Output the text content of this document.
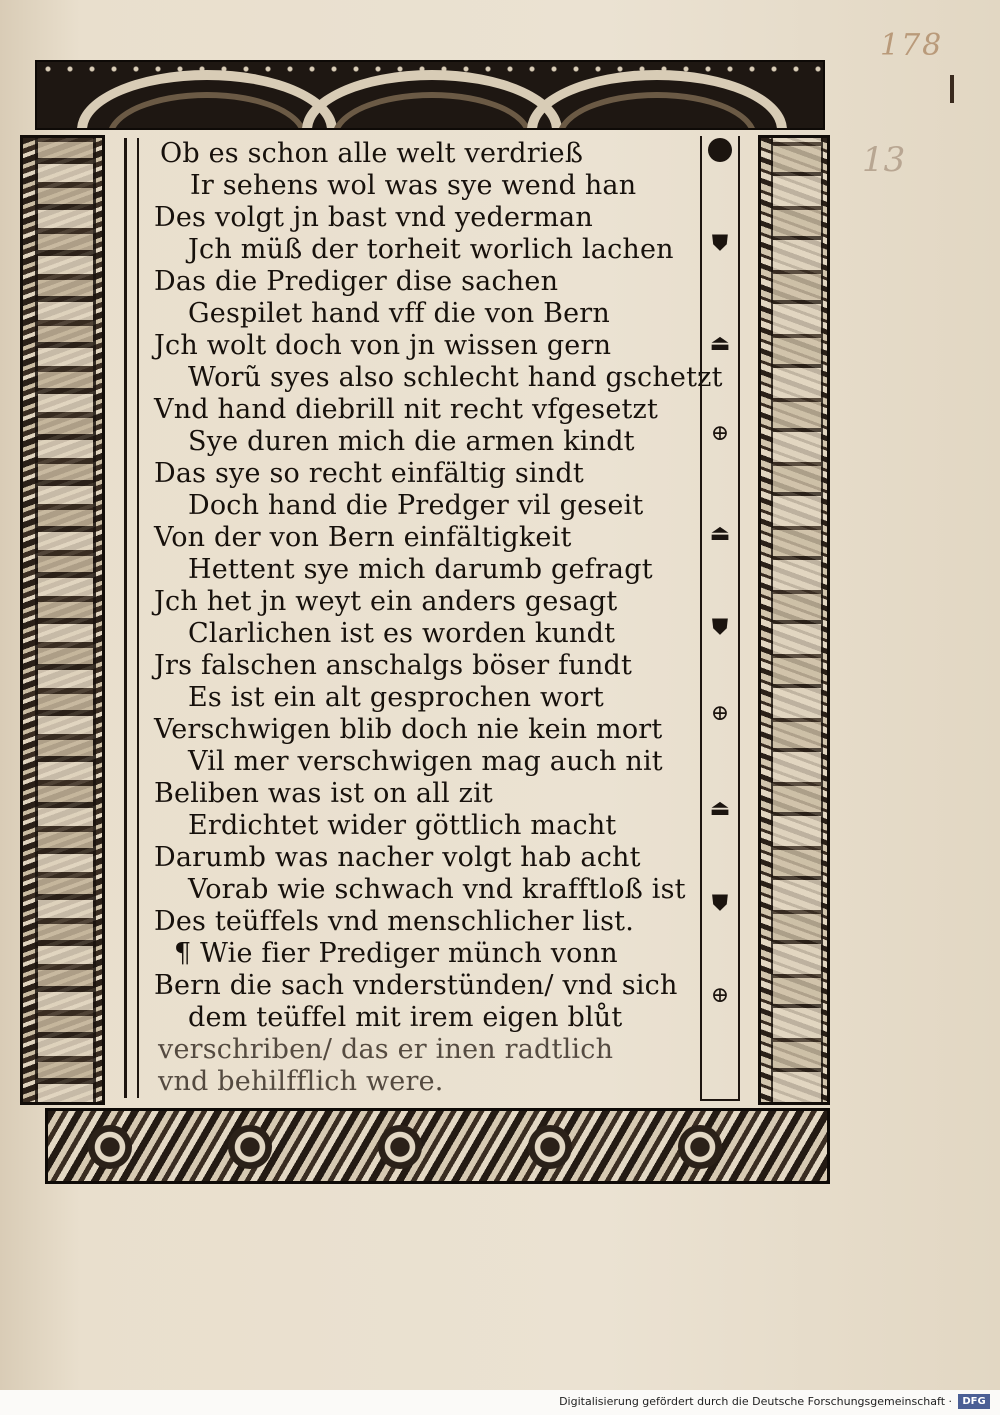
178
13
⛊
⏏
⊕
⏏
⛊
⊕
⏏
⛊
⊕
Ob es schon alle welt verdrieß
Ir sehens wol was sye wend han
Des volgt jn bast vnd yederman
Jch müß der torheit worlich lachen
Das die Prediger dise sachen
Gespilet hand vff die von Bern
Jch wolt doch von jn wissen gern
Worũ syes also schlecht hand gschetzt
Vnd hand diebrill nit recht vfgesetzt
Sye duren mich die armen kindt
Das sye so recht einfältig sindt
Doch hand die Predger vil geseit
Von der von Bern einfältigkeit
Hettent sye mich darumb gefragt
Jch het jn weyt ein anders gesagt
Clarlichen ist es worden kundt
Jrs falschen anschalgs böser fundt
Es ist ein alt gesprochen wort
Verschwigen blib doch nie kein mort
Vil mer verschwigen mag auch nit
Beliben was ist on all zit
Erdichtet wider göttlich macht
Darumb was nacher volgt hab acht
Vorab wie schwach vnd krafftloß ist
Des teüffels vnd menschlicher list.
¶ Wie fier Prediger münch vonn
Bern die sach vnderstünden/ vnd sich
dem teüffel mit irem eigen blůt
verschriben/ das er inen radtlich
vnd behilfflich were.
Digitalisierung gefördert durch die Deutsche Forschungsgemeinschaft ·	DFG
